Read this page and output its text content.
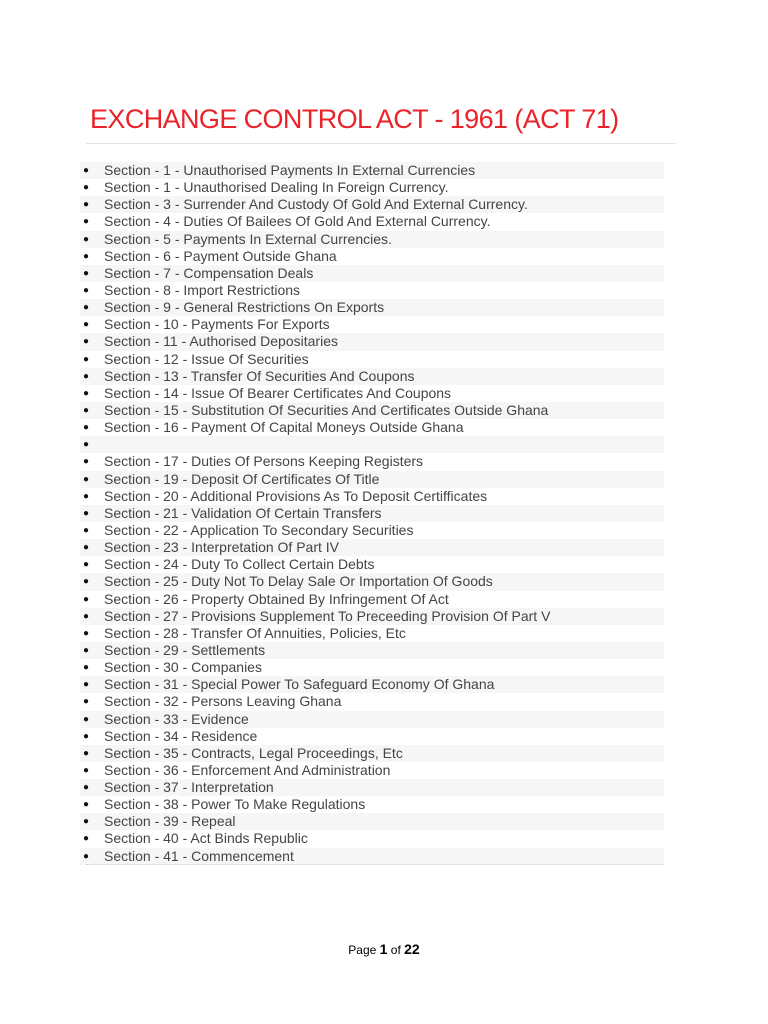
EXCHANGE CONTROL ACT - 1961 (ACT 71)
● Section - 1 - Unauthorised Payments In External Currencies
● Section - 1 - Unauthorised Dealing In Foreign Currency.
● Section - 3 - Surrender And Custody Of Gold And External Currency.
● Section - 4 - Duties Of Bailees Of Gold And External Currency.
● Section - 5 - Payments In External Currencies.
● Section - 6 - Payment Outside Ghana
● Section - 7 - Compensation Deals
● Section - 8 - Import Restrictions
● Section - 9 - General Restrictions On Exports
● Section - 10 - Payments For Exports
● Section - 11 - Authorised Depositaries
● Section - 12 - Issue Of Securities
● Section - 13 - Transfer Of Securities And Coupons
● Section - 14 - Issue Of Bearer Certificates And Coupons
● Section - 15 - Substitution Of Securities And Certificates Outside Ghana
● Section - 16 - Payment Of Capital Moneys Outside Ghana
●
● Section - 17 - Duties Of Persons Keeping Registers
● Section - 19 - Deposit Of Certificates Of Title
● Section - 20 - Additional Provisions As To Deposit Certifficates
● Section - 21 - Validation Of Certain Transfers
● Section - 22 - Application To Secondary Securities
● Section - 23 - Interpretation Of Part IV
● Section - 24 - Duty To Collect Certain Debts
● Section - 25 - Duty Not To Delay Sale Or Importation Of Goods
● Section - 26 - Property Obtained By Infringement Of Act
● Section - 27 - Provisions Supplement To Preceeding Provision Of Part V
● Section - 28 - Transfer Of Annuities, Policies, Etc
● Section - 29 - Settlements
● Section - 30 - Companies
● Section - 31 - Special Power To Safeguard Economy Of Ghana
● Section - 32 - Persons Leaving Ghana
● Section - 33 - Evidence
● Section - 34 - Residence
● Section - 35 - Contracts, Legal Proceedings, Etc
● Section - 36 - Enforcement And Administration
● Section - 37 - Interpretation
● Section - 38 - Power To Make Regulations
● Section - 39 - Repeal
● Section - 40 - Act Binds Republic
● Section - 41 - Commencement
Page 1 of 22
